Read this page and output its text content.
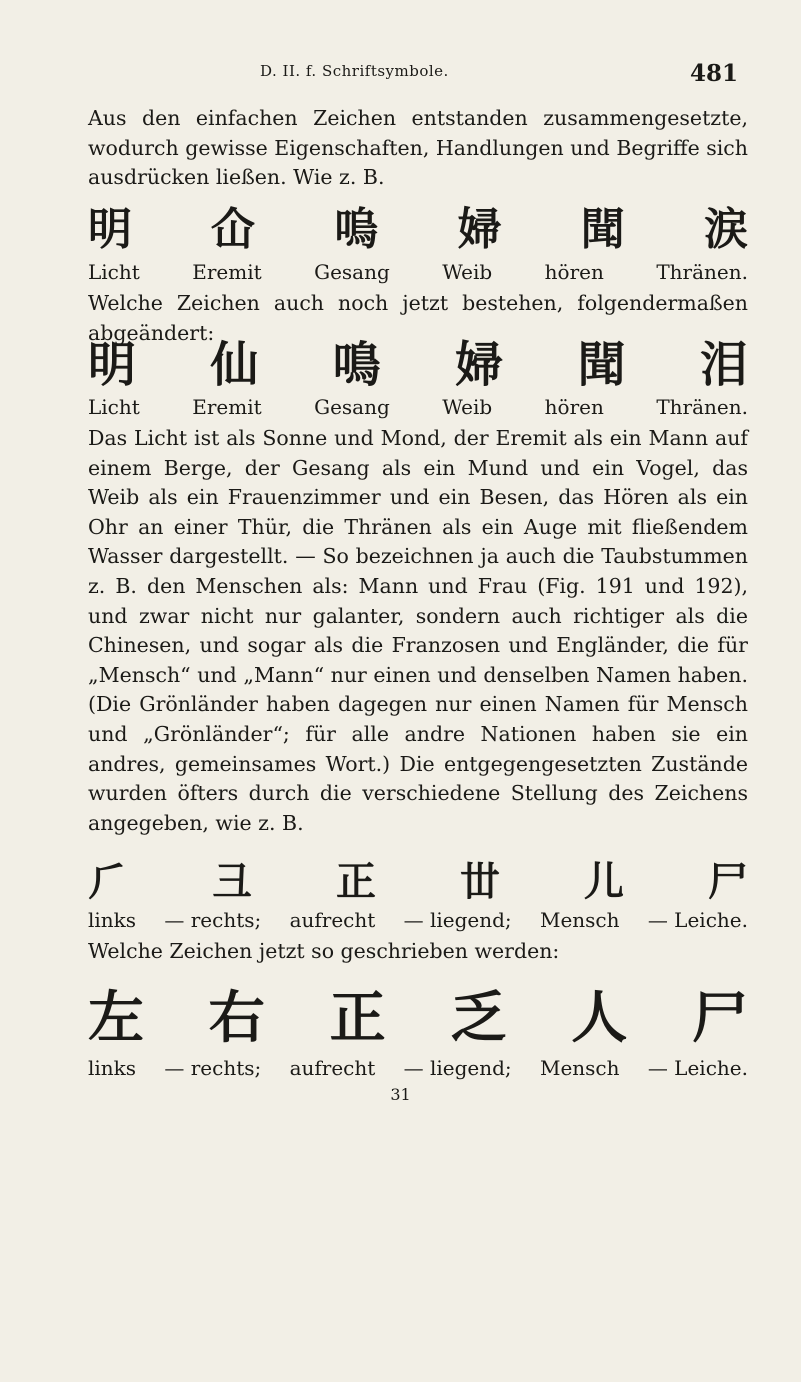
D. II. f. Schriftsymbole.	481

Aus den einfachen Zeichen entstanden zusammengesetzte, wodurch gewisse Eigenschaften, Handlungen und Begriffe sich ausdrücken ließen. Wie z. B.

明 仚 嗚 婦 聞 涙
Licht	Eremit	Gesang	Weib	hören	Thränen.

Welche Zeichen auch noch jetzt bestehen, folgendermaßen abgeändert:

明 仙 鳴 婦 聞 泪
Licht	Eremit	Gesang	Weib	hören	Thränen.

Das Licht ist als Sonne und Mond, der Eremit als ein Mann auf einem Berge, der Gesang als ein Mund und ein Vogel, das Weib als ein Frauenzimmer und ein Besen, das Hören als ein Ohr an einer Thür, die Thränen als ein Auge mit fließendem Wasser dargestellt. — So bezeichnen ja auch die Taubstummen z. B. den Menschen als: Mann und Frau (Fig. 191 und 192), und zwar nicht nur galanter, sondern auch richtiger als die Chinesen, und sogar als die Franzosen und Engländer, die für „Mensch“ und „Mann“ nur einen und denselben Namen haben. (Die Grönländer haben dagegen nur einen Namen für Mensch und „Grönländer“; für alle andre Nationen haben sie ein andres, gemeinsames Wort.) Die entgegengesetzten Zustände wurden öfters durch die verschiedene Stellung des Zeichens angegeben, wie z. B.

⺁ ⼹ 正 丗 ⼉ ⼫
links — rechts; aufrecht — liegend; Mensch — Leiche.

Welche Zeichen jetzt so geschrieben werden:

左 右 正 乏 人 尸
links — rechts; aufrecht — liegend; Mensch — Leiche.
31
